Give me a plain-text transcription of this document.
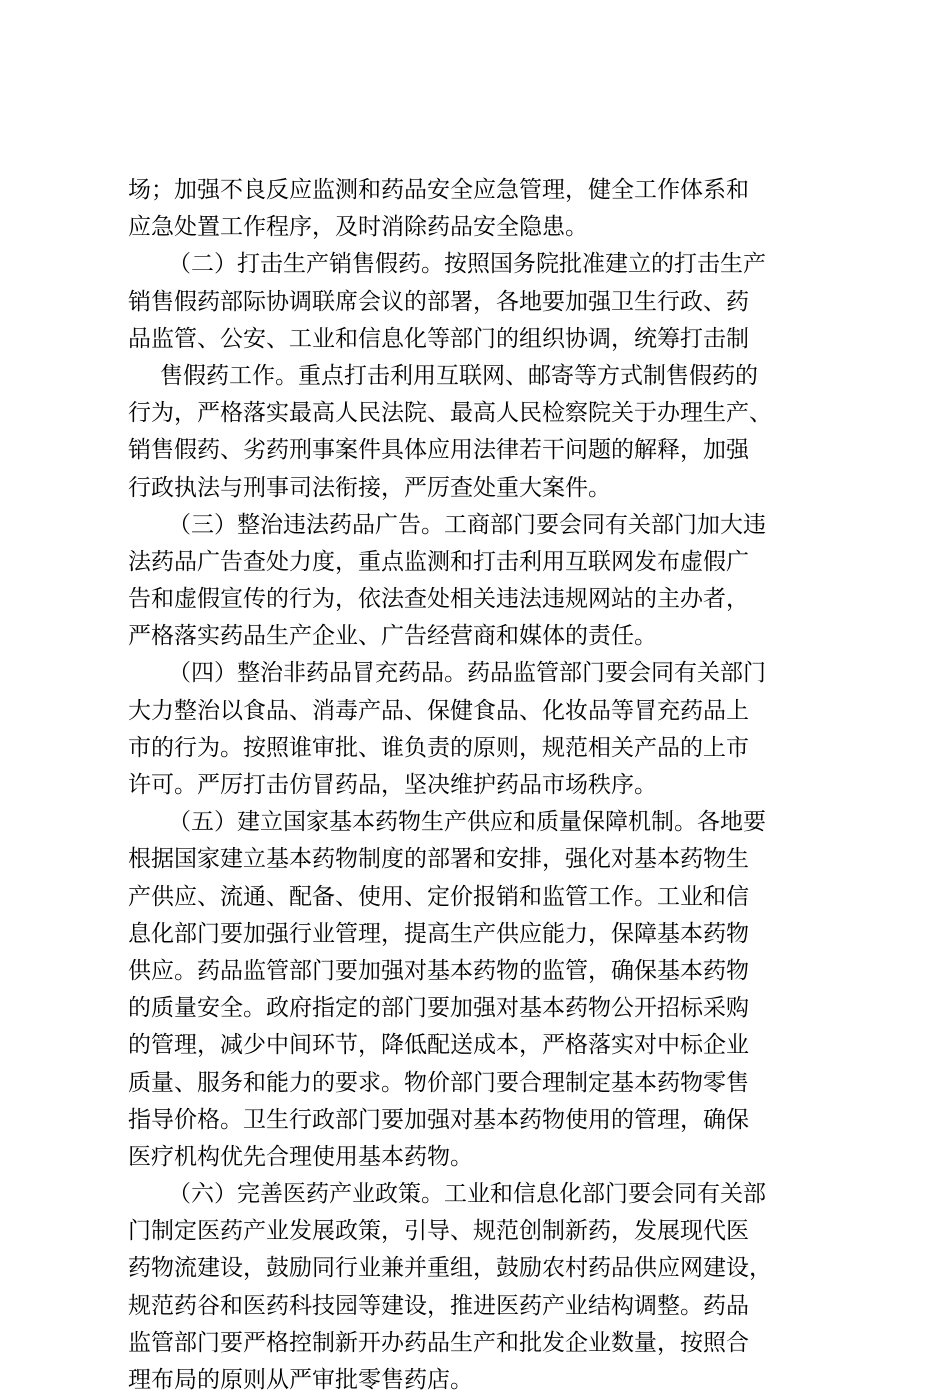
场；加强不良反应监测和药品安全应急管理，健全工作体系和
应急处置工作程序，及时消除药品安全隐患。
（二）打击生产销售假药。按照国务院批准建立的打击生产
销售假药部际协调联席会议的部署，各地要加强卫生行政、药
品监管、公安、工业和信息化等部门的组织协调，统筹打击制
售假药工作。重点打击利用互联网、邮寄等方式制售假药的
行为，严格落实最高人民法院、最高人民检察院关于办理生产、
销售假药、劣药刑事案件具体应用法律若干问题的解释，加强
行政执法与刑事司法衔接，严厉查处重大案件。
（三）整治违法药品广告。工商部门要会同有关部门加大违
法药品广告查处力度，重点监测和打击利用互联网发布虚假广
告和虚假宣传的行为，依法查处相关违法违规网站的主办者，
严格落实药品生产企业、广告经营商和媒体的责任。
（四）整治非药品冒充药品。药品监管部门要会同有关部门
大力整治以食品、消毒产品、保健食品、化妆品等冒充药品上
市的行为。按照谁审批、谁负责的原则，规范相关产品的上市
许可。严厉打击仿冒药品，坚决维护药品市场秩序。
（五）建立国家基本药物生产供应和质量保障机制。各地要
根据国家建立基本药物制度的部署和安排，强化对基本药物生
产供应、流通、配备、使用、定价报销和监管工作。工业和信
息化部门要加强行业管理，提高生产供应能力，保障基本药物
供应。药品监管部门要加强对基本药物的监管，确保基本药物
的质量安全。政府指定的部门要加强对基本药物公开招标采购
的管理，减少中间环节，降低配送成本，严格落实对中标企业
质量、服务和能力的要求。物价部门要合理制定基本药物零售
指导价格。卫生行政部门要加强对基本药物使用的管理，确保
医疗机构优先合理使用基本药物。
（六）完善医药产业政策。工业和信息化部门要会同有关部
门制定医药产业发展政策，引导、规范创制新药，发展现代医
药物流建设，鼓励同行业兼并重组，鼓励农村药品供应网建设，
规范药谷和医药科技园等建设，推进医药产业结构调整。药品
监管部门要严格控制新开办药品生产和批发企业数量，按照合
理布局的原则从严审批零售药店。
